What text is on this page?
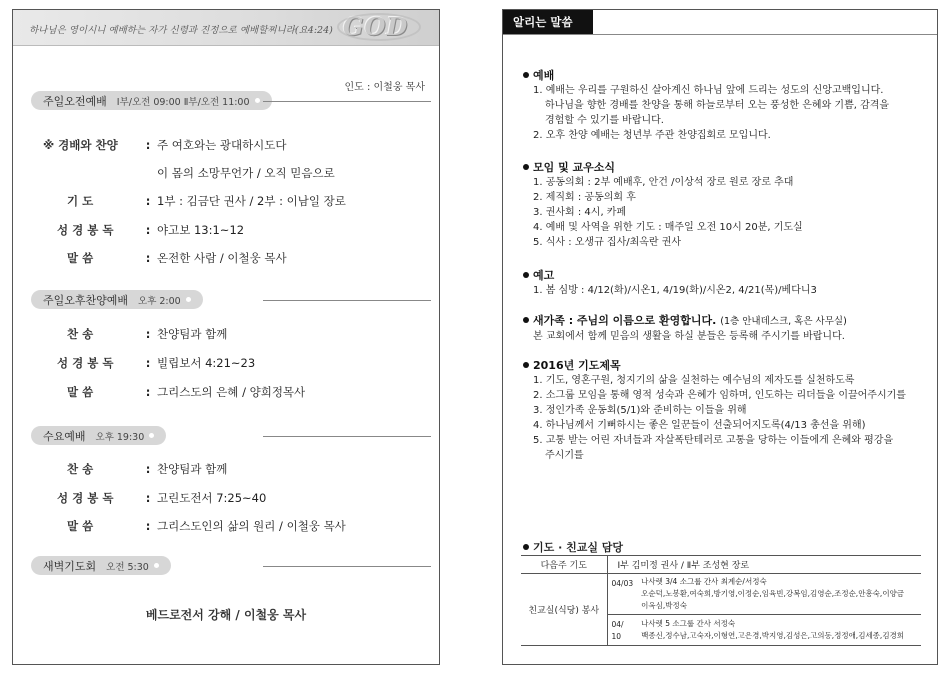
하나님은 영이시니 예배하는 자가 신령과 진정으로 예배할찌니라(요4:24) GOD
인도 : 이철웅 목사
주일오전예배 Ⅰ부/오전 09:00 Ⅱ부/오전 11:00
※ 경배와 찬양	: 주 여호와는 광대하시도다
이 몸의 소망무언가 / 오직 믿음으로
기 도	: 1부 : 김금단 권사 / 2부 : 이남일 장로
성 경 봉 독	: 야고보 13:1~12
말 씀	: 온전한 사람 / 이철웅 목사
주일오후찬양예배 오후 2:00
찬 송	: 찬양팀과 함께
성 경 봉 독	: 빌립보서 4:21~23
말 씀	: 그리스도의 은혜 / 양희정목사
수요예배 오후 19:30
찬 송	: 찬양팀과 함께
성 경 봉 독	: 고린도전서 7:25~40
말 씀	: 그리스도인의 삶의 원리 / 이철웅 목사
새벽기도회 오전 5:30
베드로전서 강해 / 이철웅 목사
알리는 말씀
예배
1. 예배는 우리를 구원하신 살아계신 하나님 앞에 드리는 성도의 신앙고백입니다.
하나님을 향한 경배를 찬양을 통해 하늘로부터 오는 풍성한 은혜와 기쁨, 감격을
경험할 수 있기를 바랍니다.
2. 오후 찬양 예배는 청년부 주관 찬양집회로 모입니다.
모임 및 교우소식
1. 공동의회 : 2부 예배후, 안건 /이상석 장로 원로 장로 추대
2. 제직회 : 공동의회 후
3. 권사회 : 4시, 카페
4. 예배 및 사역을 위한 기도 : 매주일 오전 10시 20분, 기도실
5. 식사 : 오생규 집사/최옥란 권사
예고
1. 봄 심방 : 4/12(화)/시온1, 4/19(화)/시온2, 4/21(목)/베다니3
새가족 : 주님의 이름으로 환영합니다. (1층 안내데스크, 혹은 사무실)
본 교회에서 함께 믿음의 생활을 하실 분들은 등록해 주시기를 바랍니다.
2016년 기도제목
1. 기도, 영혼구원, 청지기의 삶을 실천하는 예수님의 제자도를 실천하도록
2. 소그룹 모임을 통해 영적 성숙과 은혜가 임하며, 인도하는 리더들을 이끌어주시기를
3. 정인가족 운동회(5/1)와 준비하는 이들을 위해
4. 하나님께서 기뻐하시는 좋은 일꾼들이 선출되어지도록(4/13 총선을 위해)
5. 고통 받는 어린 자녀들과 자살폭탄테러로 고통을 당하는 이들에게 은혜와 평강을
주시기를
기도 · 친교실 담당
다음주 기도	Ⅰ부 김미정 권사 / Ⅱ부 조성현 장로	
친교실(식당) 봉사	04/03	나사렛 3/4 소그룹 간사 최계순/서정숙
오순덕,노봉환,여숙희,방기영,이정순,임육빈,강복임,김영순,조정순,안흥숙,이양금
이옥심,박정숙

	04/ 10	나사렛 5 소그룹 간사 서정숙
백종신,정수남,고숙자,이형연,고은경,박지영,김성은,고의동,정정애,김세종,김경희
